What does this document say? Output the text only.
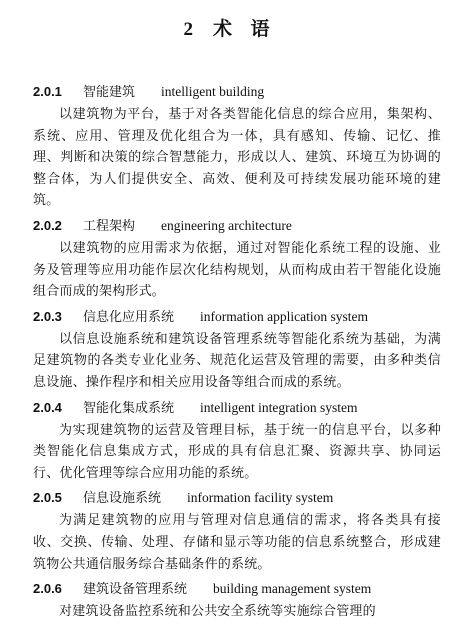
2 术 语
2.0.1 智能建筑 intelligent building

以建筑物为平台，基于对各类智能化信息的综合应用，集架构、系统、应用、管理及优化组合为一体，具有感知、传输、记忆、推理、判断和决策的综合智慧能力，形成以人、建筑、环境互为协调的整合体，为人们提供安全、高效、便利及可持续发展功能环境的建筑。

2.0.2 工程架构 engineering architecture

以建筑物的应用需求为依据，通过对智能化系统工程的设施、业务及管理等应用功能作层次化结构规划，从而构成由若干智能化设施组合而成的架构形式。

2.0.3 信息化应用系统 information application system

以信息设施系统和建筑设备管理系统等智能化系统为基础，为满足建筑物的各类专业化业务、规范化运营及管理的需要，由多种类信息设施、操作程序和相关应用设备等组合而成的系统。

2.0.4 智能化集成系统 intelligent integration system

为实现建筑物的运营及管理目标，基于统一的信息平台，以多种类智能化信息集成方式，形成的具有信息汇聚、资源共享、协同运行、优化管理等综合应用功能的系统。

2.0.5 信息设施系统 information facility system

为满足建筑物的应用与管理对信息通信的需求，将各类具有接收、交换、传输、处理、存储和显示等功能的信息系统整合，形成建筑物公共通信服务综合基础条件的系统。

2.0.6 建筑设备管理系统 building management system

对建筑设备监控系统和公共安全系统等实施综合管理的
